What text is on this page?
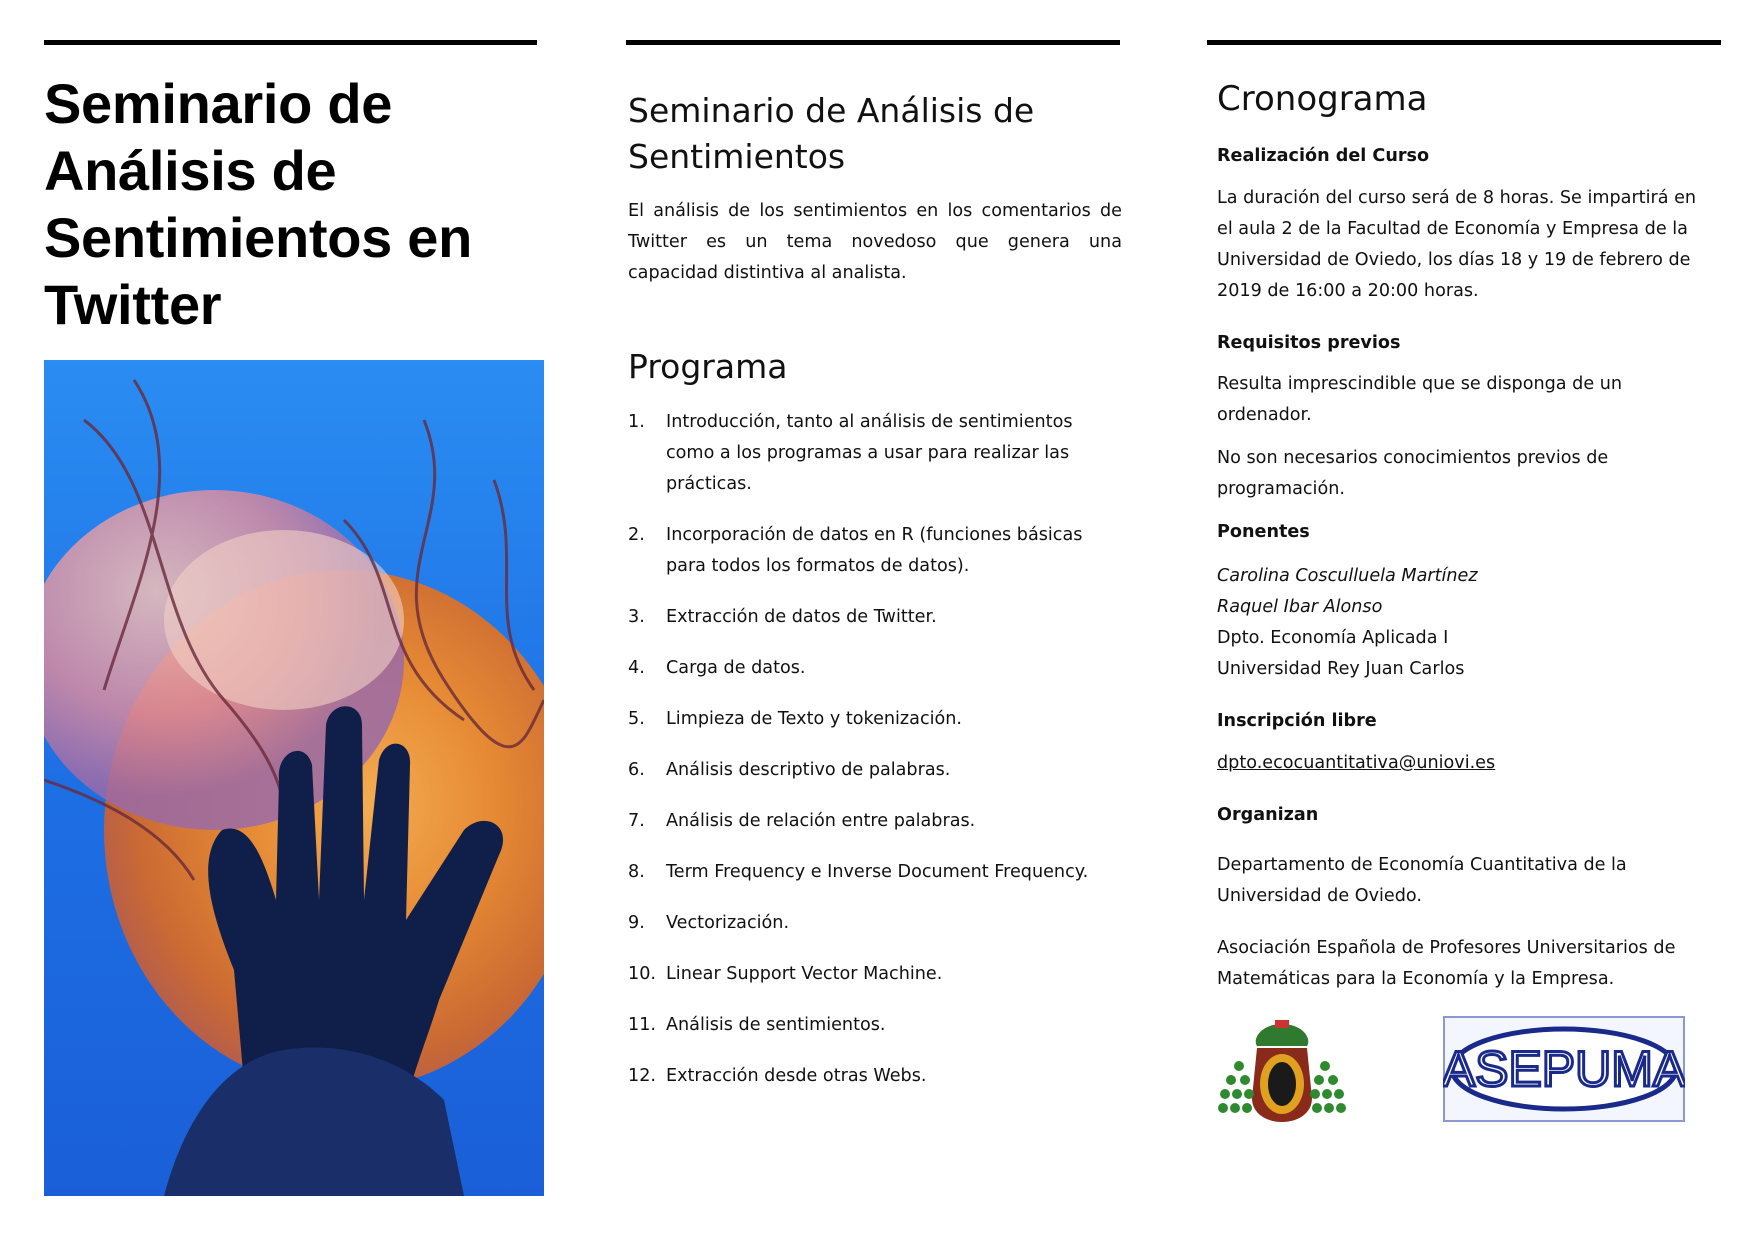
Seminario de Análisis de Sentimientos en Twitter
Seminario de Análisis de Sentimientos

El análisis de los sentimientos en los comentarios de Twitter es un tema novedoso que genera una capacidad distintiva al analista.

Programa
1. Introducción, tanto al análisis de sentimientos como a los programas a usar para realizar las prácticas.
2. Incorporación de datos en R (funciones básicas para todos los formatos de datos).
3. Extracción de datos de Twitter.
4. Carga de datos.
5. Limpieza de Texto y tokenización.
6. Análisis descriptivo de palabras.
7. Análisis de relación entre palabras.
8. Term Frequency e Inverse Document Frequency.
9. Vectorización.
10. Linear Support Vector Machine.
11. Análisis de sentimientos.
12. Extracción desde otras Webs.
Cronograma

Realización del Curso

La duración del curso será de 8 horas. Se impartirá en el aula 2 de la Facultad de Economía y Empresa de la Universidad de Oviedo, los días 18 y 19 de febrero de 2019 de 16:00 a 20:00 horas.

Requisitos previos

Resulta imprescindible que se disponga de un ordenador.

No son necesarios conocimientos previos de programación.

Ponentes

Carolina Cosculluela Martínez

Raquel Ibar Alonso

Dpto. Economía Aplicada I

Universidad Rey Juan Carlos

Inscripción libre

dpto.ecocuantitativa@uniovi.es

Organizan

Departamento de Economía Cuantitativa de la Universidad de Oviedo.

Asociación Española de Profesores Universitarios de Matemáticas para la Economía y la Empresa.

ASEPUMA
